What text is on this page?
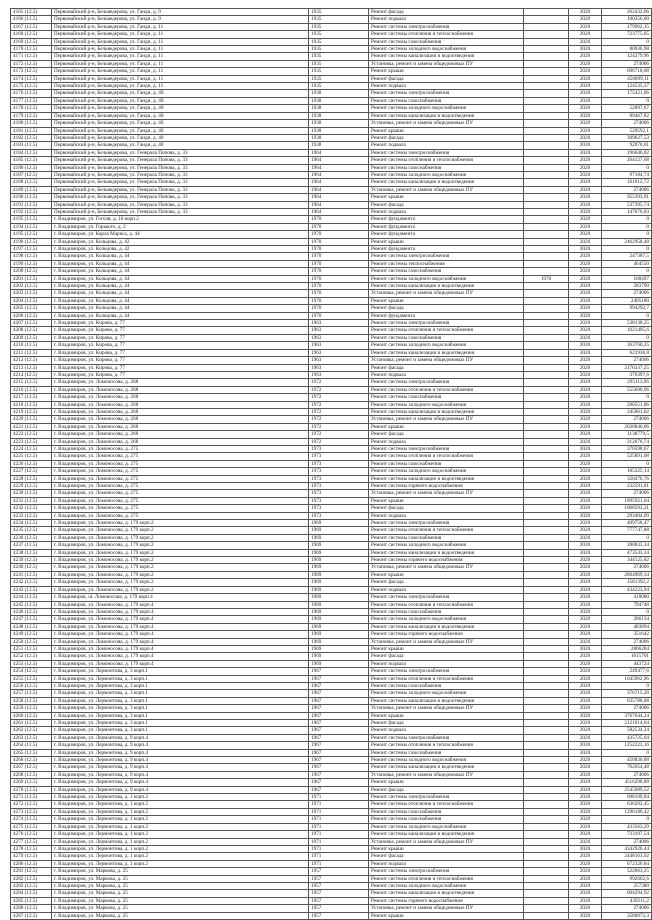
4165 (12.5)	Первомайский р-н, Бельведерова, ул. Ганди, д. 9	1935	Ремонт фасада		2020	262432,06
4166 (12.5)	Первомайский р-н, Бельведерова, ул. Ганди, д. 9	1935	Ремонт подвала		2020	100356,00
4167 (12.5)	Первомайский р-н, Бельведерова, ул. Ганди, д. 11	1935	Ремонт системы электроснабжения		2020	179962,15
4168 (12.5)	Первомайский р-н, Бельведерова, ул. Ганди, д. 11	1935	Ремонт системы отопления и теплоснабжения		2020	723775,65
4169 (12.5)	Первомайский р-н, Бельведерова, ул. Ганди, д. 11	1935	Ремонт системы газоснабжения		2020	0
4170 (12.5)	Первомайский р-н, Бельведерова, ул. Ганди, д. 11	1935	Ремонт системы холодного водоснабжения		2020	80036,98
4171 (12.5)	Первомайский р-н, Бельведерова, ул. Ганди, д. 11	1935	Ремонт системы канализации и водоотведения		2020	124279,96
4172 (12.5)	Первомайский р-н, Бельведерова, ул. Ганди, д. 11	1935	Установка, ремонт и замена общедомовых ПУ		2020	274006
4173 (12.5)	Первомайский р-н, Бельведерова, ул. Ганди, д. 11	1935	Ремонт крыши		2020	696718,08
4174 (12.5)	Первомайский р-н, Бельведерова, ул. Ганди, д. 11	1935	Ремонт фасада		2020	456099,11
4175 (12.5)	Первомайский р-н, Бельведерова, ул. Ганди, д. 11	1935	Ремонт подвала		2020	124535,37
4176 (12.5)	Первомайский р-н, Бельведерова, ул. Ганди, д. 40	1938	Ремонт системы электроснабжения		2020	175421,06
4177 (12.5)	Первомайский р-н, Бельведерова, ул. Ганди, д. 40	1938	Ремонт системы газоснабжения		2020	0
4178 (12.5)	Первомайский р-н, Бельведерова, ул. Ганди, д. 40	1938	Ремонт системы холодного водоснабжения		2020	52897,67
4179 (12.5)	Первомайский р-н, Бельведерова, ул. Ганди, д. 40	1938	Ремонт системы канализации и водоотведения		2020	89467,82
4180 (12.5)	Первомайский р-н, Бельведерова, ул. Ганди, д. 40	1938	Установка, ремонт и замена общедомовых ПУ		2020	274006
4181 (12.5)	Первомайский р-н, Бельведерова, ул. Ганди, д. 40	1938	Ремонт крыши		2020	529592,1
4182 (12.5)	Первомайский р-н, Бельведерова, ул. Ганди, д. 40	1938	Ремонт фасада		2020	309627,53
4183 (12.5)	Первомайский р-н, Бельведерова, ул. Ганди, д. 40	1938	Ремонт подвала		2020	92070,61
4184 (12.5)	Первомайский р-н, Бельведерова, ул. Генерала Попова, д. 33	1964	Ремонт системы электроснабжения		2020	196646,02
4185 (12.5)	Первомайский р-н, Бельведерова, ул. Генерала Попова, д. 33	1964	Ремонт системы отопления и теплоснабжения		2020	264127,68
4186 (12.5)	Первомайский р-н, Бельведерова, ул. Генерала Попова, д. 33	1964	Ремонт системы газоснабжения		2020	0
4187 (12.5)	Первомайский р-н, Бельведерова, ул. Генерала Попова, д. 33	1964	Ремонт системы холодного водоснабжения		2020	97184,74
4188 (12.5)	Первомайский р-н, Бельведерова, ул. Генерала Попова, д. 33	1964	Ремонт системы канализации и водоотведения		2020	161012,72
4189 (12.5)	Первомайский р-н, Бельведерова, ул. Генерала Попова, д. 33	1964	Установка, ремонт и замена общедомовых ПУ		2020	274006
4190 (12.5)	Первомайский р-н, Бельведерова, ул. Генерала Попова, д. 33	1964	Ремонт крыши		2020	955393,91
4191 (12.5)	Первомайский р-н, Бельведерова, ул. Генерала Попова, д. 33	1964	Ремонт фасада		2020	537395,74
4192 (12.5)	Первомайский р-н, Бельведерова, ул. Генерала Попова, д. 33	1964	Ремонт подвала		2020	147676,83
4195 (12.5)	г. Владимиров, ул. Гоголя, д. 10 корп.2	1970	Ремонт фундамента		2020	0
4194 (12.5)	г. Владимиров, ул. Горького, д. 2	1970	Ремонт фундамента		2020	0
4195 (12.5)	г. Владимиров, ул. Карла Маркса, д. 44	1970	Ремонт фундамента		2020	0
4196 (12.5)	г. Владимиров, ул. Кольцова, д. 42	1970	Ремонт крыши		2020	2462958,48
4197 (12.5)	г. Владимиров, ул. Кольцова, д. 42	1970	Ремонт фундамента		2020	0
4198 (12.5)	г. Владимиров, ул. Кольцова, д. 44	1970	Ремонт системы электроснабжения		2020	247387,5
4199 (12.5)	г. Владимиров, ул. Кольцова, д. 44	1970	Ремонт системы теплоснабжения		2020	464550
4200 (12.5)	г. Владимиров, ул. Кольцова, д. 44	1970	Ремонт системы газоснабжения		2020	0
4201 (12.5)	г. Владимиров, ул. Кольцова, д. 44	1970	Ремонт системы холодного водоснабжения	1970	2020	168497
4202 (12.5)	г. Владимиров, ул. Кольцова, д. 44	1970	Ремонт системы канализации и водоотведения		2020	283790
4203 (12.5)	г. Владимиров, ул. Кольцова, д. 44	1970	Установка, ремонт и замена общедомовых ПУ		2020	274006
4204 (12.5)	г. Владимиров, ул. Кольцова, д. 44	1970	Ремонт крыши		2020	2495180
4205 (12.5)	г. Владимиров, ул. Кольцова, д. 44	1970	Ремонт фасада		2020	994292,7
4206 (12.5)	г. Владимиров, ул. Кольцова, д. 44	1970	Ремонт фундамента		2020	0
4207 (12.5)	г. Владимиров, ул. Кирова, д. 77	1963	Ремонт системы электроснабжения		2020	538138,25
4208 (12.5)	г. Владимиров, ул. Кирова, д. 77	1963	Ремонт системы отопления и теплоснабжения		2020	1021495,6
4209 (12.5)	г. Владимиров, ул. Кирова, д. 77	1963	Ремонт системы газоснабжения		2020	0
4210 (12.5)	г. Владимиров, ул. Кирова, д. 77	1963	Ремонт системы холодного водоснабжения		2020	363760,25
4211 (12.5)	г. Владимиров, ул. Кирова, д. 77	1963	Ремонт системы канализации и водоотведения		2020	621936,8
4212 (12.5)	г. Владимиров, ул. Кирова, д. 77	1963	Установка, ремонт и замена общедомовых ПУ		2020	274006
4213 (12.5)	г. Владимиров, ул. Кирова, д. 77	1963	Ремонт фасада		2020	2176337,25
4214 (12.5)	г. Владимиров, ул. Кирова, д. 77	1963	Ремонт подвала		2020	376397,6
4215 (12.5)	г. Владимиров, ул. Ломоносова, д. 268	1972	Ремонт системы электроснабжения		2020	295113,96
4216 (12.5)	г. Владимиров, ул. Ломоносова, д. 268	1972	Ремонт системы отопления и теплоснабжения		2020	555600,96
4217 (12.5)	г. Владимиров, ул. Ломоносова, д. 268	1972	Ремонт системы газоснабжения		2020	0
4218 (12.5)	г. Владимиров, ул. Ломоносова, д. 268	1972	Ремонт системы холодного водоснабжения		2020	200551,86
4219 (12.5)	г. Владимиров, ул. Ломоносова, д. 268	1972	Ремонт системы канализации и водоотведения		2020	345861,02
4220 (12.5)	г. Владимиров, ул. Ломоносова, д. 268	1972	Установка, ремонт и замена общедомовых ПУ		2020	274006
4221 (12.5)	г. Владимиров, ул. Ломоносова, д. 268	1972	Ремонт крыши		2020	2030846,06
4222 (12.5)	г. Владимиров, ул. Ломоносова, д. 268	1972	Ремонт фасада		2020	1138779,5
4223 (12.5)	г. Владимиров, ул. Ломоносова, д. 268	1972	Ремонт подвала		2020	312676,74
4224 (12.5)	г. Владимиров, ул. Ломоносова, д. 275	1973	Ремонт системы электроснабжения		2020	370598,67
4225 (12.5)	г. Владимиров, ул. Ломоносова, д. 275	1973	Ремонт системы отопления и теплоснабжения		2020	525891,08
4226 (12.5)	г. Владимиров, ул. Ломоносова, д. 275	1973	Ремонт системы газоснабжения		2020	0
4227 (12.5)	г. Владимиров, ул. Ломоносова, д. 275	1973	Ремонт системы холодного водоснабжения		2020	185325,14
4228 (12.5)	г. Владимиров, ул. Ломоносова, д. 275	1973	Ремонт системы канализации и водоотведения		2020	320476,76
4229 (12.5)	г. Владимиров, ул. Ломоносова, д. 275	1973	Ремонт системы горячего водоснабжения		2020	232591,81
4230 (12.5)	г. Владимиров, ул. Ломоносова, д. 275	1973	Установка, ремонт и замена общедомовых ПУ		2020	274006
4231 (12.5)	г. Владимиров, ул. Ломоносова, д. 275	1973	Ремонт крыши		2020	1895921,64
4232 (12.5)	г. Владимиров, ул. Ломоносова, д. 275	1973	Ремонт фасада		2020	1068593,21
4233 (12.5)	г. Владимиров, ул. Ломоносова, д. 275	1973	Ремонт подвала		2020	293404,09
4234 (12.5)	г. Владимиров, ул. Ломоносова, д. 179 корп.2	1969	Ремонт системы электроснабжения		2020	409758,47
4235 (12.5)	г. Владимиров, ул. Ломоносова, д. 179 корп.2	1969	Ремонт системы отопления и теплоснабжения		2020	777747,88
4236 (12.5)	г. Владимиров, ул. Ломоносова, д. 179 корп.2	1969	Ремонт системы газоснабжения		2020	0
4237 (12.5)	г. Владимиров, ул. Ломоносова, д. 179 корп.2	1969	Ремонт системы холодного водоснабжения		2020	280033,34
4238 (12.5)	г. Владимиров, ул. Ломоносова, д. 179 корп.2	1969	Ремонт системы канализации и водоотведения		2020	473543,34
4239 (12.5)	г. Владимиров, ул. Ломоносова, д. 179 корп.2	1969	Ремонт системы горячего водоснабжения		2020	344125,82
4240 (12.5)	г. Владимиров, ул. Ломоносова, д. 179 корп.2	1969	Установка, ремонт и замена общедомовых ПУ		2020	274006
4241 (12.5)	г. Владимиров, ул. Ломоносова, д. 179 корп.2	1969	Ремонт крыши		2020	2804969,34
4242 (12.5)	г. Владимиров, ул. Ломоносова, д. 179 корп.2	1969	Ремонт фасада		2020	1581392,2
4243 (12.5)	г. Владимиров, ул. Ломоносова, д. 179 корп.2	1969	Ремонт подвала		2020	434223,94
4244 (12.5)	г. Владимиров, ul. Ломоносова, д. 179 корп.4	1969	Ремонт системы электроснабжения		2020	418080
4245 (12.5)	г. Владимиров, ул. Ломоносова, д. 179 корп.4	1969	Ремонт системы отопления и теплоснабжения		2020	794748
4246 (12.5)	г. Владимиров, ул. Ломоносова, д. 179 корп.4	1969	Ремонт системы газоснабжения		2020	0
4247 (12.5)	г. Владимиров, ул. Ломоносова, д. 179 корп.4	1969	Ремонт системы холодного водоснабжения		2020	286134
4248 (12.5)	г. Владимиров, ул. Ломоносова, д. 179 корп.4	1969	Ремонт системы канализации и водоотведения		2020	483894
4249 (12.5)	г. Владимиров, ул. Ломоносова, д. 179 корп.4	1969	Ремонт системы горячего водоснабжения		2020	351642
4250 (12.5)	г. Владимиров, ул. Ломоносова, д. 179 корп.4	1969	Установка, ремонт и замена общедомовых ПУ		2020	274006
4251 (12.5)	г. Владимиров, ул. Ломоносова, д. 179 корп.4	1969	Ремонт крыши		2020	2866284
4252 (12.5)	г. Владимиров, ул. Ломоносова, д. 179 корп.4	1969	Ремонт фасада		2020	1615701
4253 (12.5)	г. Владимиров, ул. Ломоносова, д. 179 корп.4	1969	Ремонт подвала		2020	443724
4254 (12.5)	г. Владимиров, ул. Лермонтова, д. 3 корп.1	1967	Ремонт системы электроснабжения		2020	249477,6
4255 (12.5)	г. Владимиров, ул. Лермонтова, д. 3 корп.1	1967	Ремонт системы отопления и теплоснабжения		2020	1045962,96
4256 (12.5)	г. Владимиров, ул. Лермонтова, д. 3 корп.1	1967	Ремонт системы газоснабжения		2020	0
4257 (12.5)	г. Владимиров, ул. Лермонтова, д. 3 корп.1	1967	Ремонт системы холодного водоснабжения		2020	376715,28
4258 (12.5)	г. Владимиров, ул. Лермонтова, д. 3 корп.1	1967	Ремонт системы канализации и водоотведения		2020	635788,08
4259 (12.5)	г. Владимиров, ул. Лермонтова, д. 3 корп.1	1967	Установка, ремонт и замена общедомовых ПУ		2020	274006
4260 (12.5)	г. Владимиров, ул. Лермонтова, д. 3 корп.1	1967	Ремонт крыши		2020	3767644,24
4261 (12.5)	г. Владимиров, ул. Лермонтова, д. 3 корп.1	1967	Ремонт фасада		2020	2121014,64
4262 (12.5)	г. Владимиров, ул. Лермонтова, д. 3 корп.1	1967	Ремонт подвала		2020	582534,24
4263 (12.5)	г. Владимиров, ул. Лермонтова, д. 9 корп.4	1967	Ремонт системы электроснабжения		2020	435725,04
4264 (12.5)	г. Владимиров, ул. Лермонтова, д. 9 корп.4	1967	Ремонт системы отопления и теплоснабжения		2020	1252223,16
4265 (12.5)	г. Владимиров, ул. Лермонтова, д. 9 корп.4	1967	Ремонт системы газоснабжения		2020	0
4266 (12.5)	г. Владимиров, ул. Лермонтова, д. 9 корп.4	1967	Ремонт системы холодного водоснабжения		2020	450830,88
4267 (12.5)	г. Владимиров, ул. Лермонтова, д. 9 корп.4	1967	Ремонт системы канализации и водоотведения		2020	762654,48
4268 (12.5)	г. Владимиров, ул. Лермонтова, д. 9 корп.4	1967	Установка, ремонт и замена общедомовых ПУ		2020	274006
4269 (12.5)	г. Владимиров, ул. Лермонтова, д. 9 корп.4	1967	Ремонт крыши		2020	4516298,88
4270 (12.5)	г. Владимиров, ул. Лермонтова, д. 9 корп.4	1967	Ремонт фасада		2020	2545989,52
4271 (12.5)	г. Владимиров, ул. Лермонтова, д. 1 корп.2	1971	Ремонт системы электроснабжения		2020	698199,84
4272 (12.5)	г. Владимиров, ул. Лермонтова, д. 1 корп.2	1971	Ремонт системы отопления и теплоснабжения		2020	636292,45
4273 (12.5)	г. Владимиров, ул. Лермонтова, д. 1 корп.2	1971	Ремонт системы газоснабжения		2020	1296180,42
4274 (12.5)	г. Владимиров, ул. Лермонтова, д. 1 корп.2	1971	Ремонт системы газоснабжения		2020	0
4275 (12.5)	г. Владимиров, ул. Лермонтова, д. 1 корп.2	1971	Ремонт системы холодного водоснабжения		2020	433563,29
4276 (12.5)	г. Владимиров, ул. Лермонтова, д. 1 корп.2	1971	Ремонт системы канализации и водоотведения		2020	733197,54
4277 (12.5)	г. Владимиров, ул. Лермонтова, д. 1 корп.2	1971	Установка, ремонт и замена общедомовых ПУ		2020	274006
4278 (12.5)	г. Владимиров, ул. Лермонтова, д. 1 корп.2	1971	Ремонт крыши		2020	4342926,44
4279 (12.5)	г. Владимиров, ул. Лермонтова, д. 1 корп.2	1971	Ремонт фасада		2020	2448163,92
4280 (12.5)	г. Владимиров, ул. Лермонтова, д. 1 корп.2	1971	Ремонт подвала		2020	672326,84
4281 (12.5)	г. Владимиров, ул. Маркова, д. 25	1957	Ремонт системы электроснабжения		2020	522063,25
4282 (12.5)	г. Владимиров, ул. Маркова, д. 25	1957	Ремонт системы отопления и теплоснабжения		2020	992662,6
4283 (12.5)	г. Владимиров, ул. Маркова, д. 25	1957	Ремонт системы холодного водоснабжения		2020	257380
4284 (12.5)	г. Владимиров, ул. Маркова, д. 25	1957	Ремонт системы канализации и водоотведения		2020	604294,92
4285 (12.5)	г. Владимиров, ул. Маркова, д. 25	1957	Ремонт системы горячего водоснабжения		2020	439211,2
4286 (12.5)	г. Владимиров, ул. Маркова, д. 25	1957	Установка, ремонт и замена общедомовых ПУ		2020	274006
4287 (12.5)	г. Владимиров, ул. Маркова, д. 25	1957	Ремонт крыши		2020	3580072,3
